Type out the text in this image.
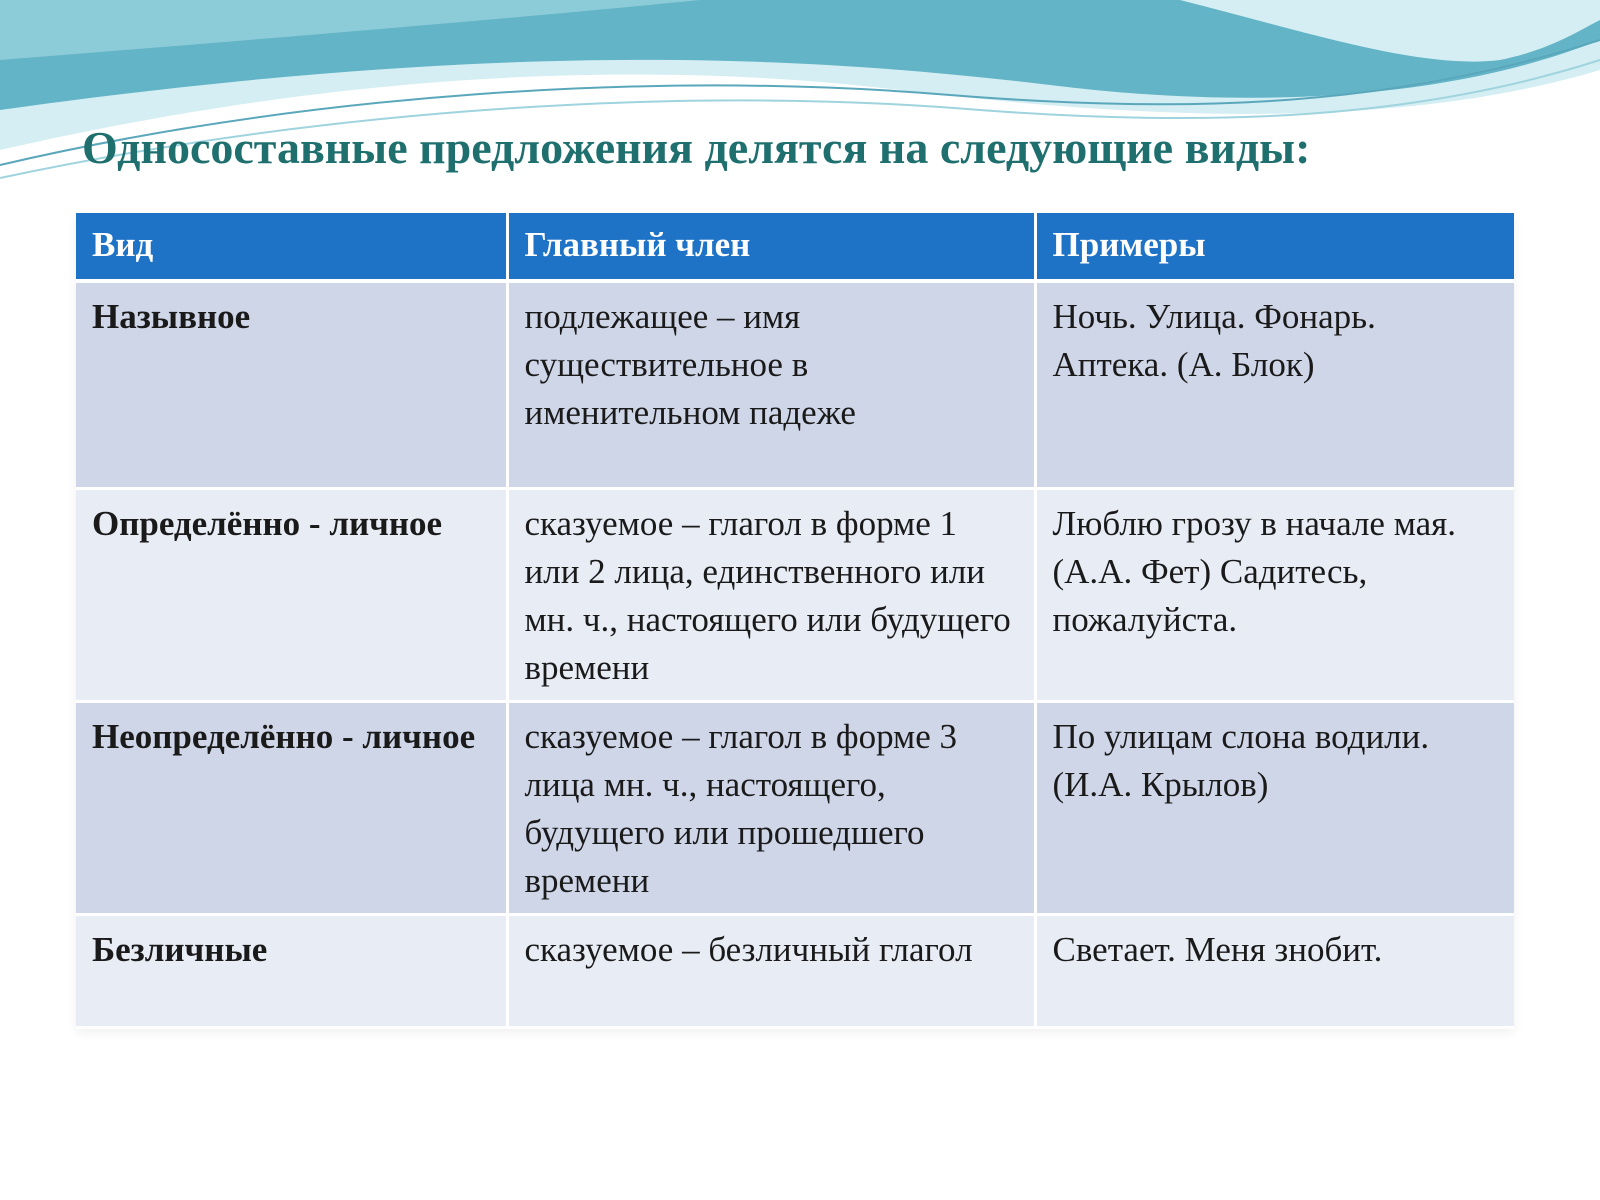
Односоставные предложения делятся на следующие виды:
Вид	Главный член	Примеры
Назывное	подлежащее – имя существительное в именительном падеже	Ночь. Улица. Фонарь. Аптека. (А. Блок)
Определённо - личное	сказуемое – глагол в форме 1 или 2 лица, единственного или мн. ч., настоящего или будущего времени	Люблю грозу в начале мая. (А.А. Фет) Садитесь, пожалуйста.
Неопределённо - личное	сказуемое – глагол в форме 3 лица мн. ч., настоящего, будущего или прошедшего времени	По улицам слона водили. (И.А. Крылов)
Безличные	сказуемое – безличный глагол	Светает. Меня знобит.
